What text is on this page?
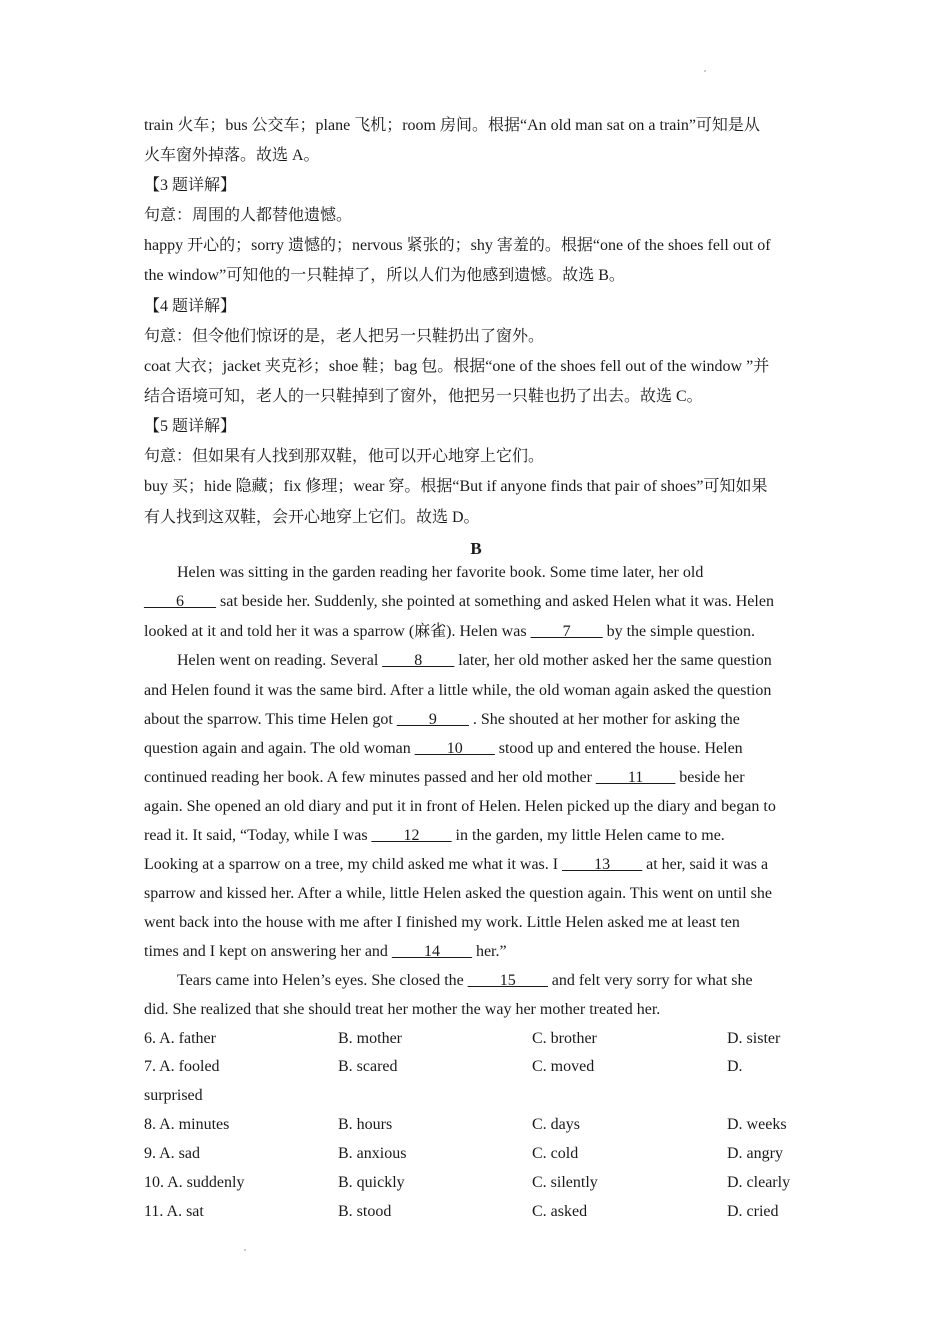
train 火车；bus 公交车；plane 飞机；room 房间。根据“An old man sat on a train”可知是从
火车窗外掉落。故选 A。
【3 题详解】
句意：周围的人都替他遗憾。
happy 开心的；sorry 遗憾的；nervous 紧张的；shy 害羞的。根据“one of the shoes fell out of
the window”可知他的一只鞋掉了，所以人们为他感到遗憾。故选 B。
【4 题详解】
句意：但令他们惊讶的是，老人把另一只鞋扔出了窗外。
coat 大衣；jacket 夹克衫；shoe 鞋；bag 包。根据“one of the shoes fell out of the window ”并
结合语境可知，老人的一只鞋掉到了窗外，他把另一只鞋也扔了出去。故选 C。
【5 题详解】
句意：但如果有人找到那双鞋，他可以开心地穿上它们。
buy 买；hide 隐藏；fix 修理；wear 穿。根据“But if anyone finds that pair of shoes”可知如果
有人找到这双鞋，会开心地穿上它们。故选 D。
B
Helen was sitting in the garden reading her favorite book. Some time later, her old
____6____ sat beside her. Suddenly, she pointed at something and asked Helen what it was. Helen
looked at it and told her it was a sparrow (麻雀). Helen was ____7____ by the simple question.
Helen went on reading. Several ____8____ later, her old mother asked her the same question
and Helen found it was the same bird. After a little while, the old woman again asked the question
about the sparrow. This time Helen got ____9____ . She shouted at her mother for asking the
question again and again. The old woman ____10____ stood up and entered the house. Helen
continued reading her book. A few minutes passed and her old mother ____11____ beside her
again. She opened an old diary and put it in front of Helen. Helen picked up the diary and began to
read it. It said, “Today, while I was ____12____ in the garden, my little Helen came to me.
Looking at a sparrow on a tree, my child asked me what it was. I ____13____ at her, said it was a
sparrow and kissed her. After a while, little Helen asked the question again. This went on until she
went back into the house with me after I finished my work. Little Helen asked me at least ten
times and I kept on answering her and ____14____ her.”
Tears came into Helen’s eyes. She closed the ____15____ and felt very sorry for what she
did. She realized that she should treat her mother the way her mother treated her.
6. A. father	B. mother	C. brother	D. sister
7. A. fooled	B. scared	C. moved	D.
surprised
8. A. minutes	B. hours	C. days	D. weeks
9. A. sad	B. anxious	C. cold	D. angry
10. A. suddenly	B. quickly	C. silently	D. clearly
11. A. sat	B. stood	C. asked	D. cried
